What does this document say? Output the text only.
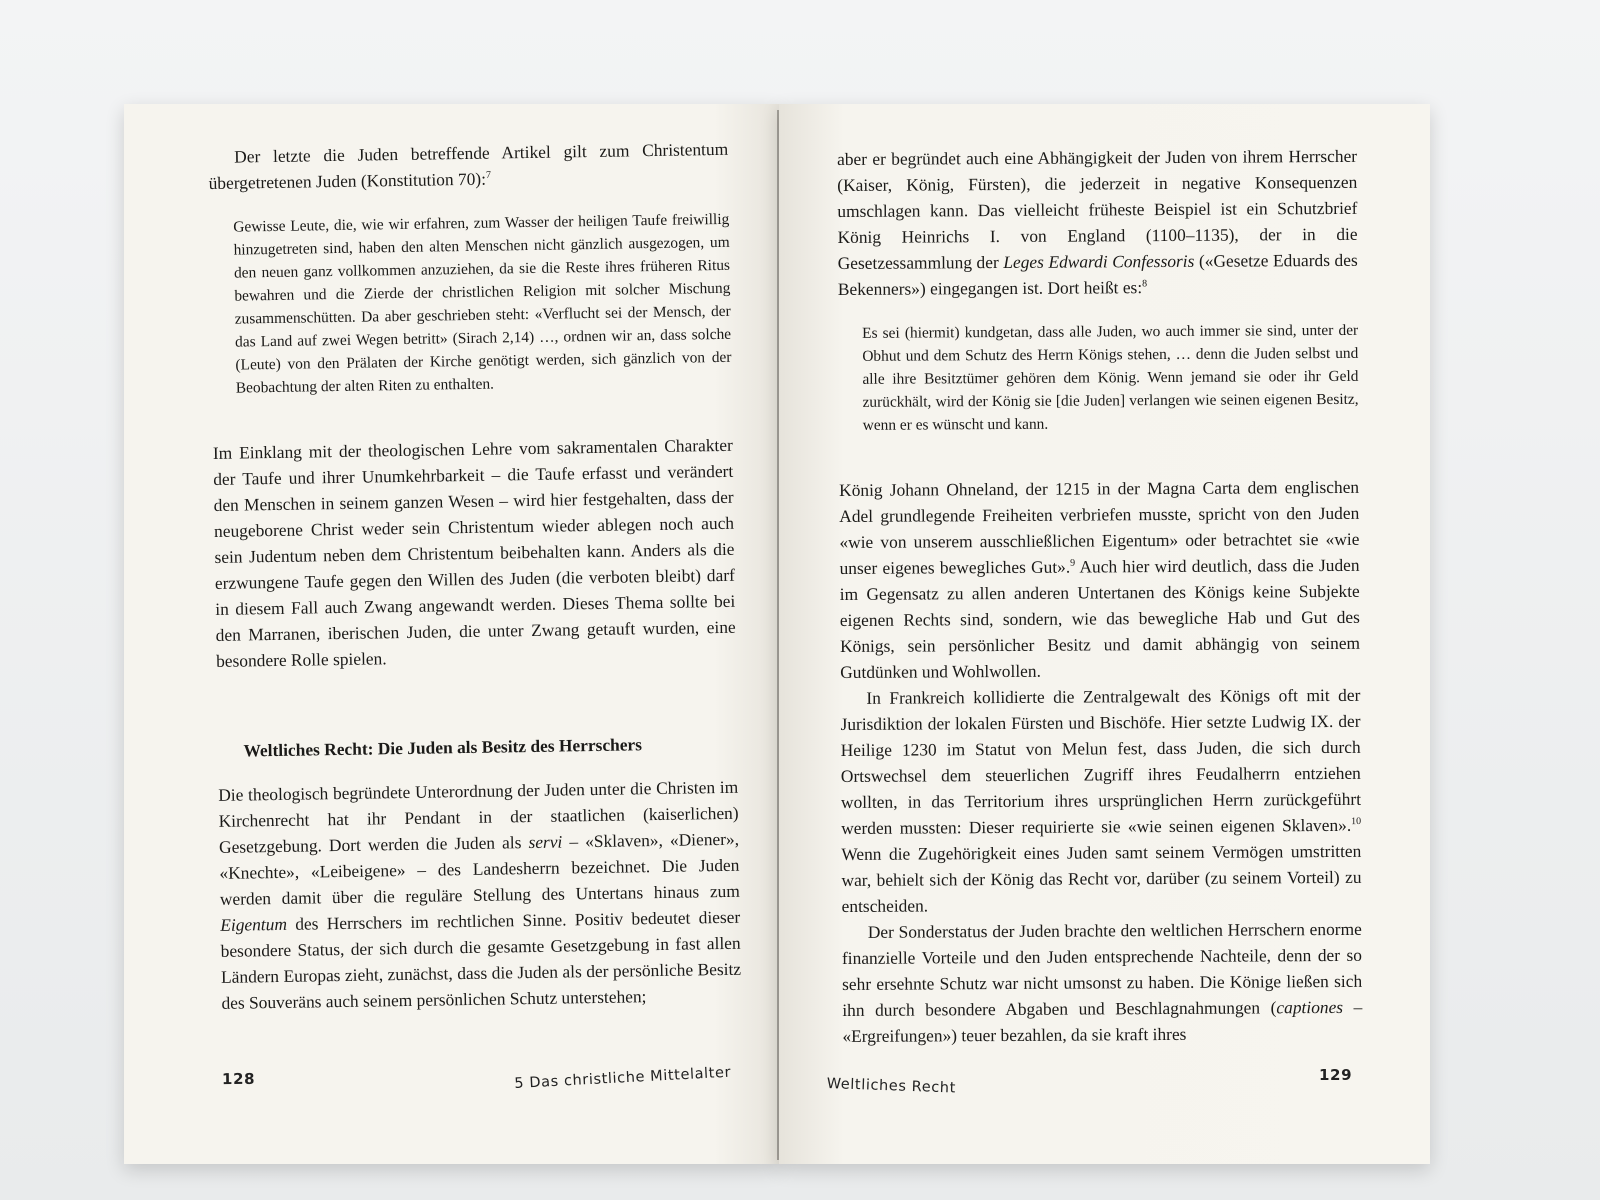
Der letzte die Juden betreffende Artikel gilt zum Christentum übergetretenen Juden (Konstitution 70):$^7$

Gewisse Leute, die, wie wir erfahren, zum Wasser der heiligen Taufe freiwillig hinzugetreten sind, haben den alten Menschen nicht gänzlich ausgezogen, um den neuen ganz vollkommen anzuziehen, da sie die Reste ihres früheren Ritus bewahren und die Zierde der christlichen Religion mit solcher Mischung zusammenschütten. Da aber geschrieben steht: «Verflucht sei der Mensch, der das Land auf zwei Wegen betritt» (Sirach 2,14) …, ordnen wir an, dass solche (Leute) von den Prälaten der Kirche genötigt werden, sich gänzlich von der Beobachtung der alten Riten zu enthalten.

Im Einklang mit der theologischen Lehre vom sakramentalen Charakter der Taufe und ihrer Unumkehrbarkeit – die Taufe erfasst und verändert den Menschen in seinem ganzen Wesen – wird hier festgehalten, dass der neugeborene Christ weder sein Christentum wieder ablegen noch auch sein Judentum neben dem Christentum beibehalten kann. Anders als die erzwungene Taufe gegen den Willen des Juden (die verboten bleibt) darf in diesem Fall auch Zwang angewandt werden. Dieses Thema sollte bei den Marranen, iberischen Juden, die unter Zwang getauft wurden, eine besondere Rolle spielen.

Weltliches Recht: Die Juden als Besitz des Herrschers

Die theologisch begründete Unterordnung der Juden unter die Christen im Kirchenrecht hat ihr Pendant in der staatlichen (kaiserlichen) Gesetzgebung. Dort werden die Juden als servi – «Sklaven», «Diener», «Knechte», «Leibeigene» – des Landesherrn bezeichnet. Die Juden werden damit über die reguläre Stellung des Untertans hinaus zum Eigentum des Herrschers im rechtlichen Sinne. Positiv bedeutet dieser besondere Status, der sich durch die gesamte Gesetzgebung in fast allen Ländern Europas zieht, zunächst, dass die Juden als der persönliche Besitz des Souveräns auch seinem persönlichen Schutz unterstehen;

128	5 Das christliche Mittelalter

aber er begründet auch eine Abhängigkeit der Juden von ihrem Herrscher (Kaiser, König, Fürsten), die jederzeit in negative Konsequenzen umschlagen kann. Das vielleicht früheste Beispiel ist ein Schutzbrief König Heinrichs I. von England (1100–1135), der in die Gesetzessammlung der Leges Edwardi Confessoris («Gesetze Eduards des Bekenners») eingegangen ist. Dort heißt es:$^8$

Es sei (hiermit) kundgetan, dass alle Juden, wo auch immer sie sind, unter der Obhut und dem Schutz des Herrn Königs stehen, … denn die Juden selbst und alle ihre Besitztümer gehören dem König. Wenn jemand sie oder ihr Geld zurückhält, wird der König sie [die Juden] verlangen wie seinen eigenen Besitz, wenn er es wünscht und kann.

König Johann Ohneland, der 1215 in der Magna Carta dem englischen Adel grundlegende Freiheiten verbriefen musste, spricht von den Juden «wie von unserem ausschließlichen Eigentum» oder betrachtet sie «wie unser eigenes bewegliches Gut».$^9$ Auch hier wird deutlich, dass die Juden im Gegensatz zu allen anderen Untertanen des Königs keine Subjekte eigenen Rechts sind, sondern, wie das bewegliche Hab und Gut des Königs, sein persönlicher Besitz und damit abhängig von seinem Gutdünken und Wohlwollen.

In Frankreich kollidierte die Zentralgewalt des Königs oft mit der Jurisdiktion der lokalen Fürsten und Bischöfe. Hier setzte Ludwig IX. der Heilige 1230 im Statut von Melun fest, dass Juden, die sich durch Ortswechsel dem steuerlichen Zugriff ihres Feudalherrn entziehen wollten, in das Territorium ihres ursprünglichen Herrn zurückgeführt werden mussten: Dieser requirierte sie «wie seinen eigenen Sklaven».$^{10}$ Wenn die Zugehörigkeit eines Juden samt seinem Vermögen umstritten war, behielt sich der König das Recht vor, darüber (zu seinem Vorteil) zu entscheiden.

Der Sonderstatus der Juden brachte den weltlichen Herrschern enorme finanzielle Vorteile und den Juden entsprechende Nachteile, denn der so sehr ersehnte Schutz war nicht umsonst zu haben. Die Könige ließen sich ihn durch besondere Abgaben und Beschlagnahmungen (captiones – «Ergreifungen») teuer bezahlen, da sie kraft ihres

Weltliches Recht
129
